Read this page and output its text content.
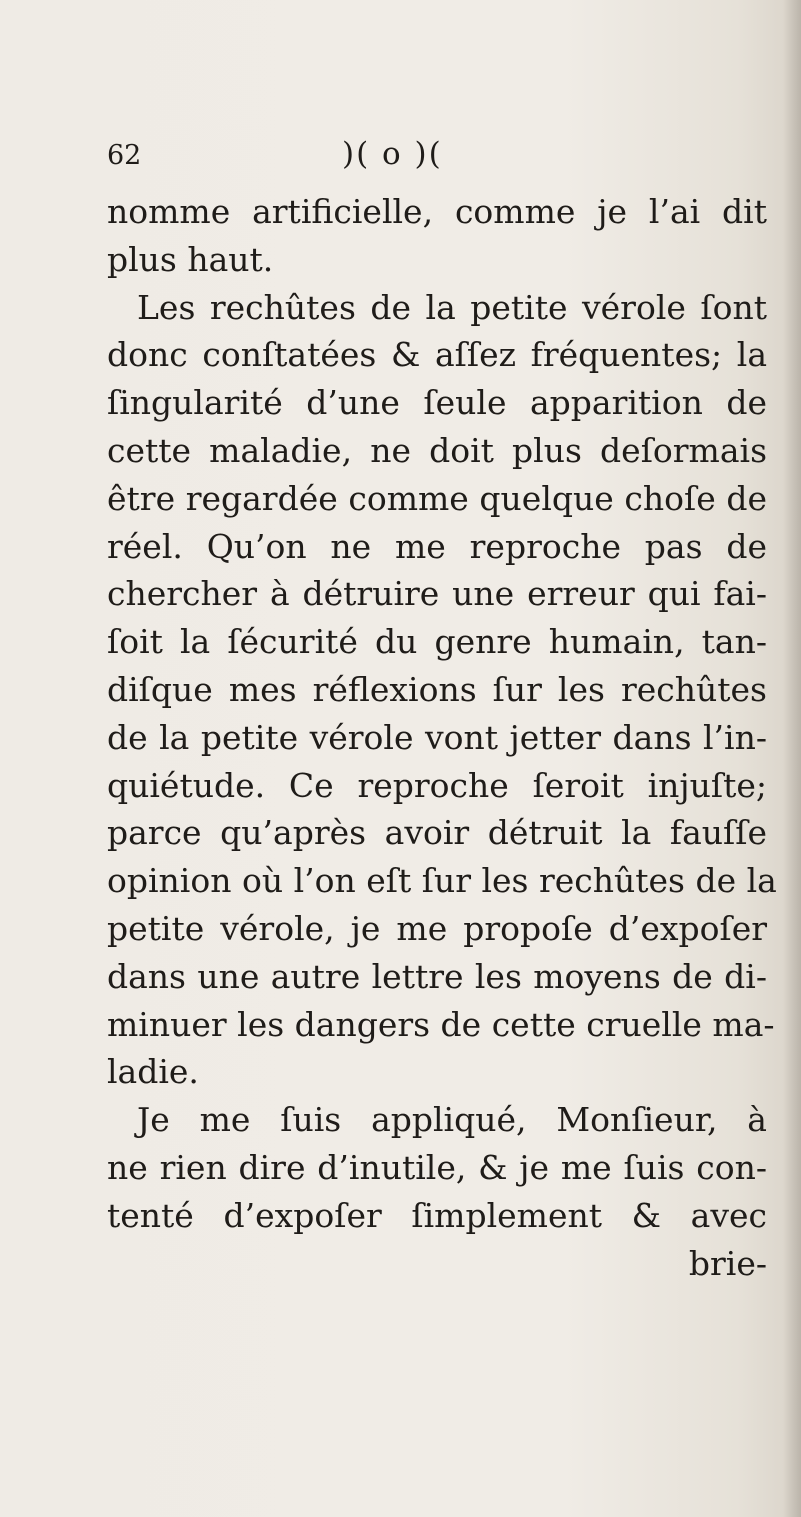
62	)( o )(
nomme artificielle, comme je l’ai dit
plus haut.
Les rechûtes de la petite vérole ſont
donc conſtatées & aſſez fréquentes; la
ſingularité d’une ſeule apparition de
cette maladie, ne doit plus deſormais
être regardée comme quelque choſe de
réel. Qu’on ne me reproche pas de
chercher à détruire une erreur qui fai-
ſoit la ſécurité du genre humain, tan-
diſque mes réflexions ſur les rechûtes
de la petite vérole vont jetter dans l’in-
quiétude. Ce reproche ſeroit injuſte;
parce qu’après avoir détruit la fauſſe
opinion où l’on eſt ſur les rechûtes de la
petite vérole, je me propoſe d’expoſer
dans une autre lettre les moyens de di-
minuer les dangers de cette cruelle ma-
ladie.
Je me ſuis appliqué, Monſieur, à
ne rien dire d’inutile, & je me ſuis con-
tenté d’expoſer ſimplement & avec
brie-
